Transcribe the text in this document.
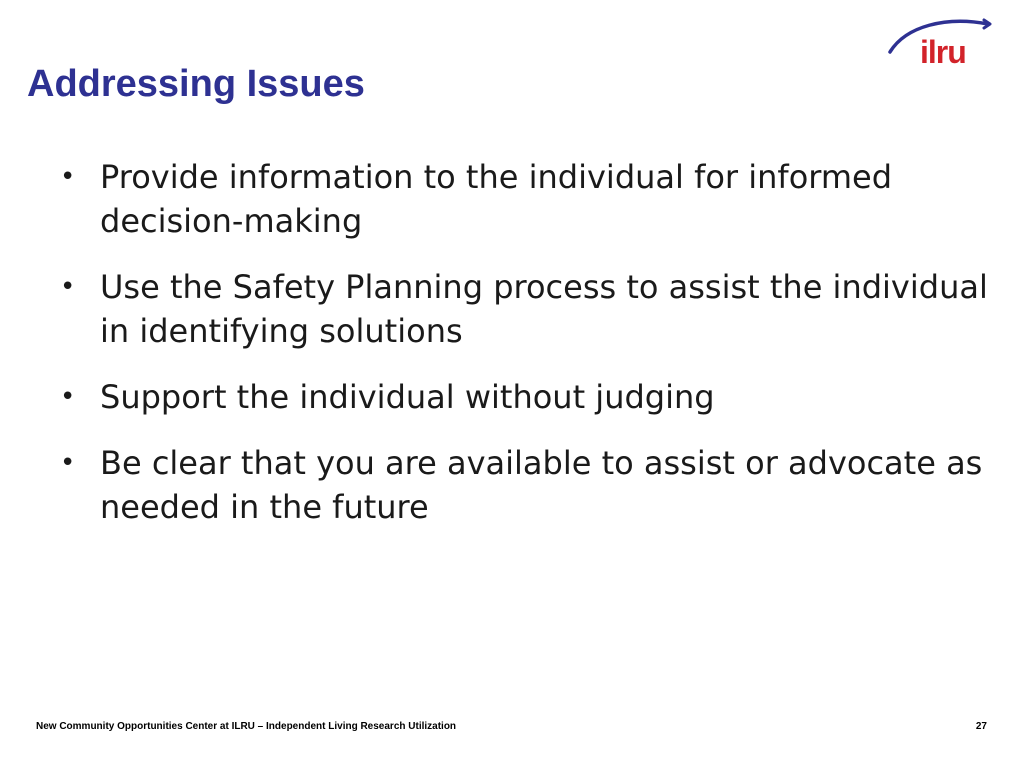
Addressing Issues
ilru
• Provide information to the individual for informed decision-making
• Use the Safety Planning process to assist the individual in identifying solutions
• Support the individual without judging
• Be clear that you are available to assist or advocate as needed in the future
New Community Opportunities Center at ILRU – Independent Living Research Utilization	27
